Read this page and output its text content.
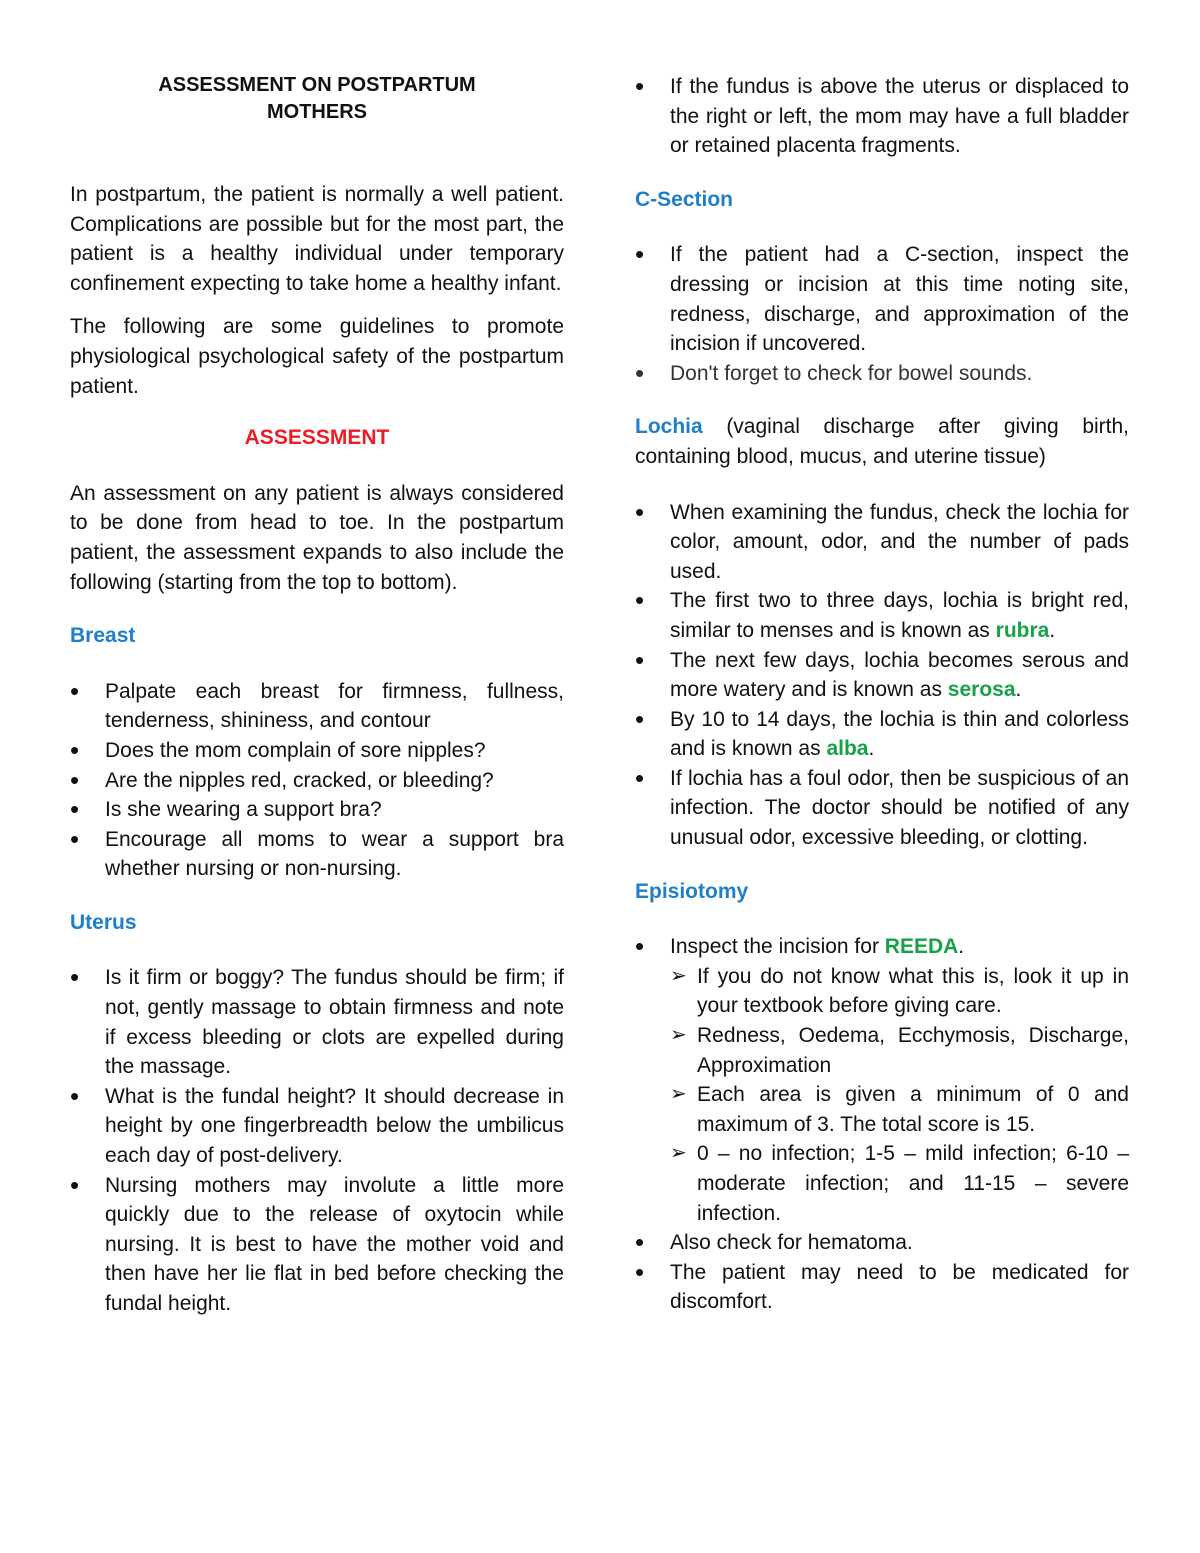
ASSESSMENT ON POSTPARTUM
MOTHERS

In postpartum, the patient is normally a well patient. Complications are possible but for the most part, the patient is a healthy individual under temporary confinement expecting to take home a healthy infant.

The following are some guidelines to promote physiological psychological safety of the postpartum patient.

ASSESSMENT

An assessment on any patient is always considered to be done from head to toe. In the postpartum patient, the assessment expands to also include the following (starting from the top to bottom).

Breast
• Palpate each breast for firmness, fullness, tenderness, shininess, and contour
• Does the mom complain of sore nipples?
• Are the nipples red, cracked, or bleeding?
• Is she wearing a support bra?
• Encourage all moms to wear a support bra whether nursing or non-nursing.
Uterus
• Is it firm or boggy? The fundus should be firm; if not, gently massage to obtain firmness and note if excess bleeding or clots are expelled during the massage.
• What is the fundal height? It should decrease in height by one fingerbreadth below the umbilicus each day of post-delivery.
• Nursing mothers may involute a little more quickly due to the release of oxytocin while nursing. It is best to have the mother void and then have her lie flat in bed before checking the fundal height.
• If the fundus is above the uterus or displaced to the right or left, the mom may have a full bladder or retained placenta fragments.
C-Section
• If the patient had a C-section, inspect the dressing or incision at this time noting site, redness, discharge, and approximation of the incision if uncovered.
• Don't forget to check for bowel sounds.

Lochia (vaginal discharge after giving birth, containing blood, mucus, and uterine tissue)

• When examining the fundus, check the lochia for color, amount, odor, and the number of pads used.
• The first two to three days, lochia is bright red, similar to menses and is known as rubra.
• The next few days, lochia becomes serous and more watery and is known as serosa.
• By 10 to 14 days, the lochia is thin and colorless and is known as alba.
• If lochia has a foul odor, then be suspicious of an infection. The doctor should be notified of any unusual odor, excessive bleeding, or clotting.
Episiotomy
• Inspect the incision for REEDA.
➢ If you do not know what this is, look it up in your textbook before giving care.
➢ Redness, Oedema, Ecchymosis, Discharge, Approximation
➢ Each area is given a minimum of 0 and maximum of 3. The total score is 15.
➢ 0 – no infection; 1-5 – mild infection; 6-10 – moderate infection; and 11-15 – severe infection.
• Also check for hematoma.
• The patient may need to be medicated for discomfort.
